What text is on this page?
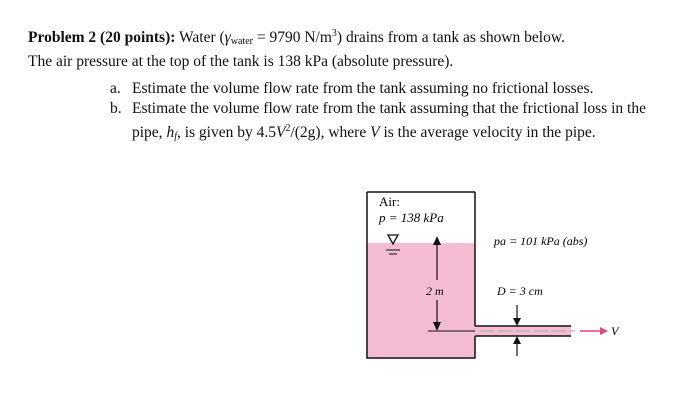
Problem 2 (20 points): Water ($\gamma_{water} = 9790$ $N/m^3$) drains from a tank as shown below.
The air pressure at the top of the tank is 138 kPa (absolute pressure).
a. Estimate the volume flow rate from the tank assuming no frictional losses.
b. Estimate the volume flow rate from the tank assuming that the frictional loss in the pipe, $h_f$, is given by $4.5V^2/(2g)$, where V is the average velocity in the pipe.
V
D = 3 cm
2 m
Air:
p = 138 kPa
pa = 101 kPa (abs)
